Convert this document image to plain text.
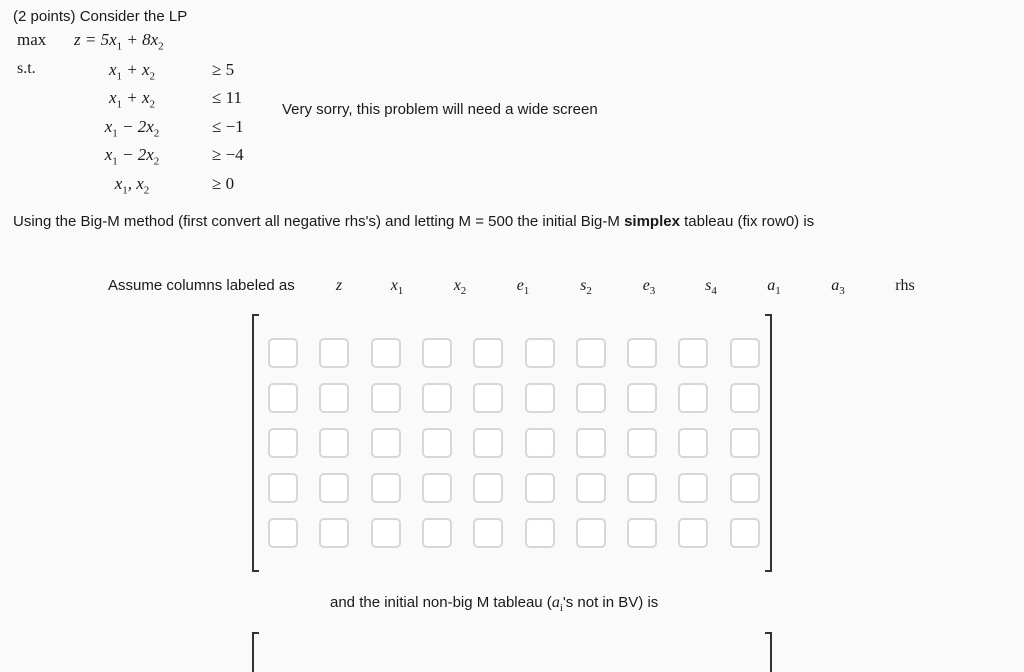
(2 points) Consider the LP
$\max z = 5x_1 + 8x_2$
s.t.	$x_1 + x_2$	≥ 5
$x_1 + x_2$	≤ 11
$x_1 - 2x_2$	≤ −1
$x_1 - 2x_2$	≥ −4
$x_1$, $x_2$	≥ 0
Very sorry, this problem will need a wide screen
Using the Big-M method (first convert all negative rhs's) and letting M = 500 the initial Big-M simplex tableau (fix row0) is
Assume columns labeled as	z	$x_1$	$x_2$	$e_1$	$s_2$	$e_3$	$s_4$	$a_1$	$a_3$	rhs
and the initial non-big M tableau ($a_i's$ not in BV) is
